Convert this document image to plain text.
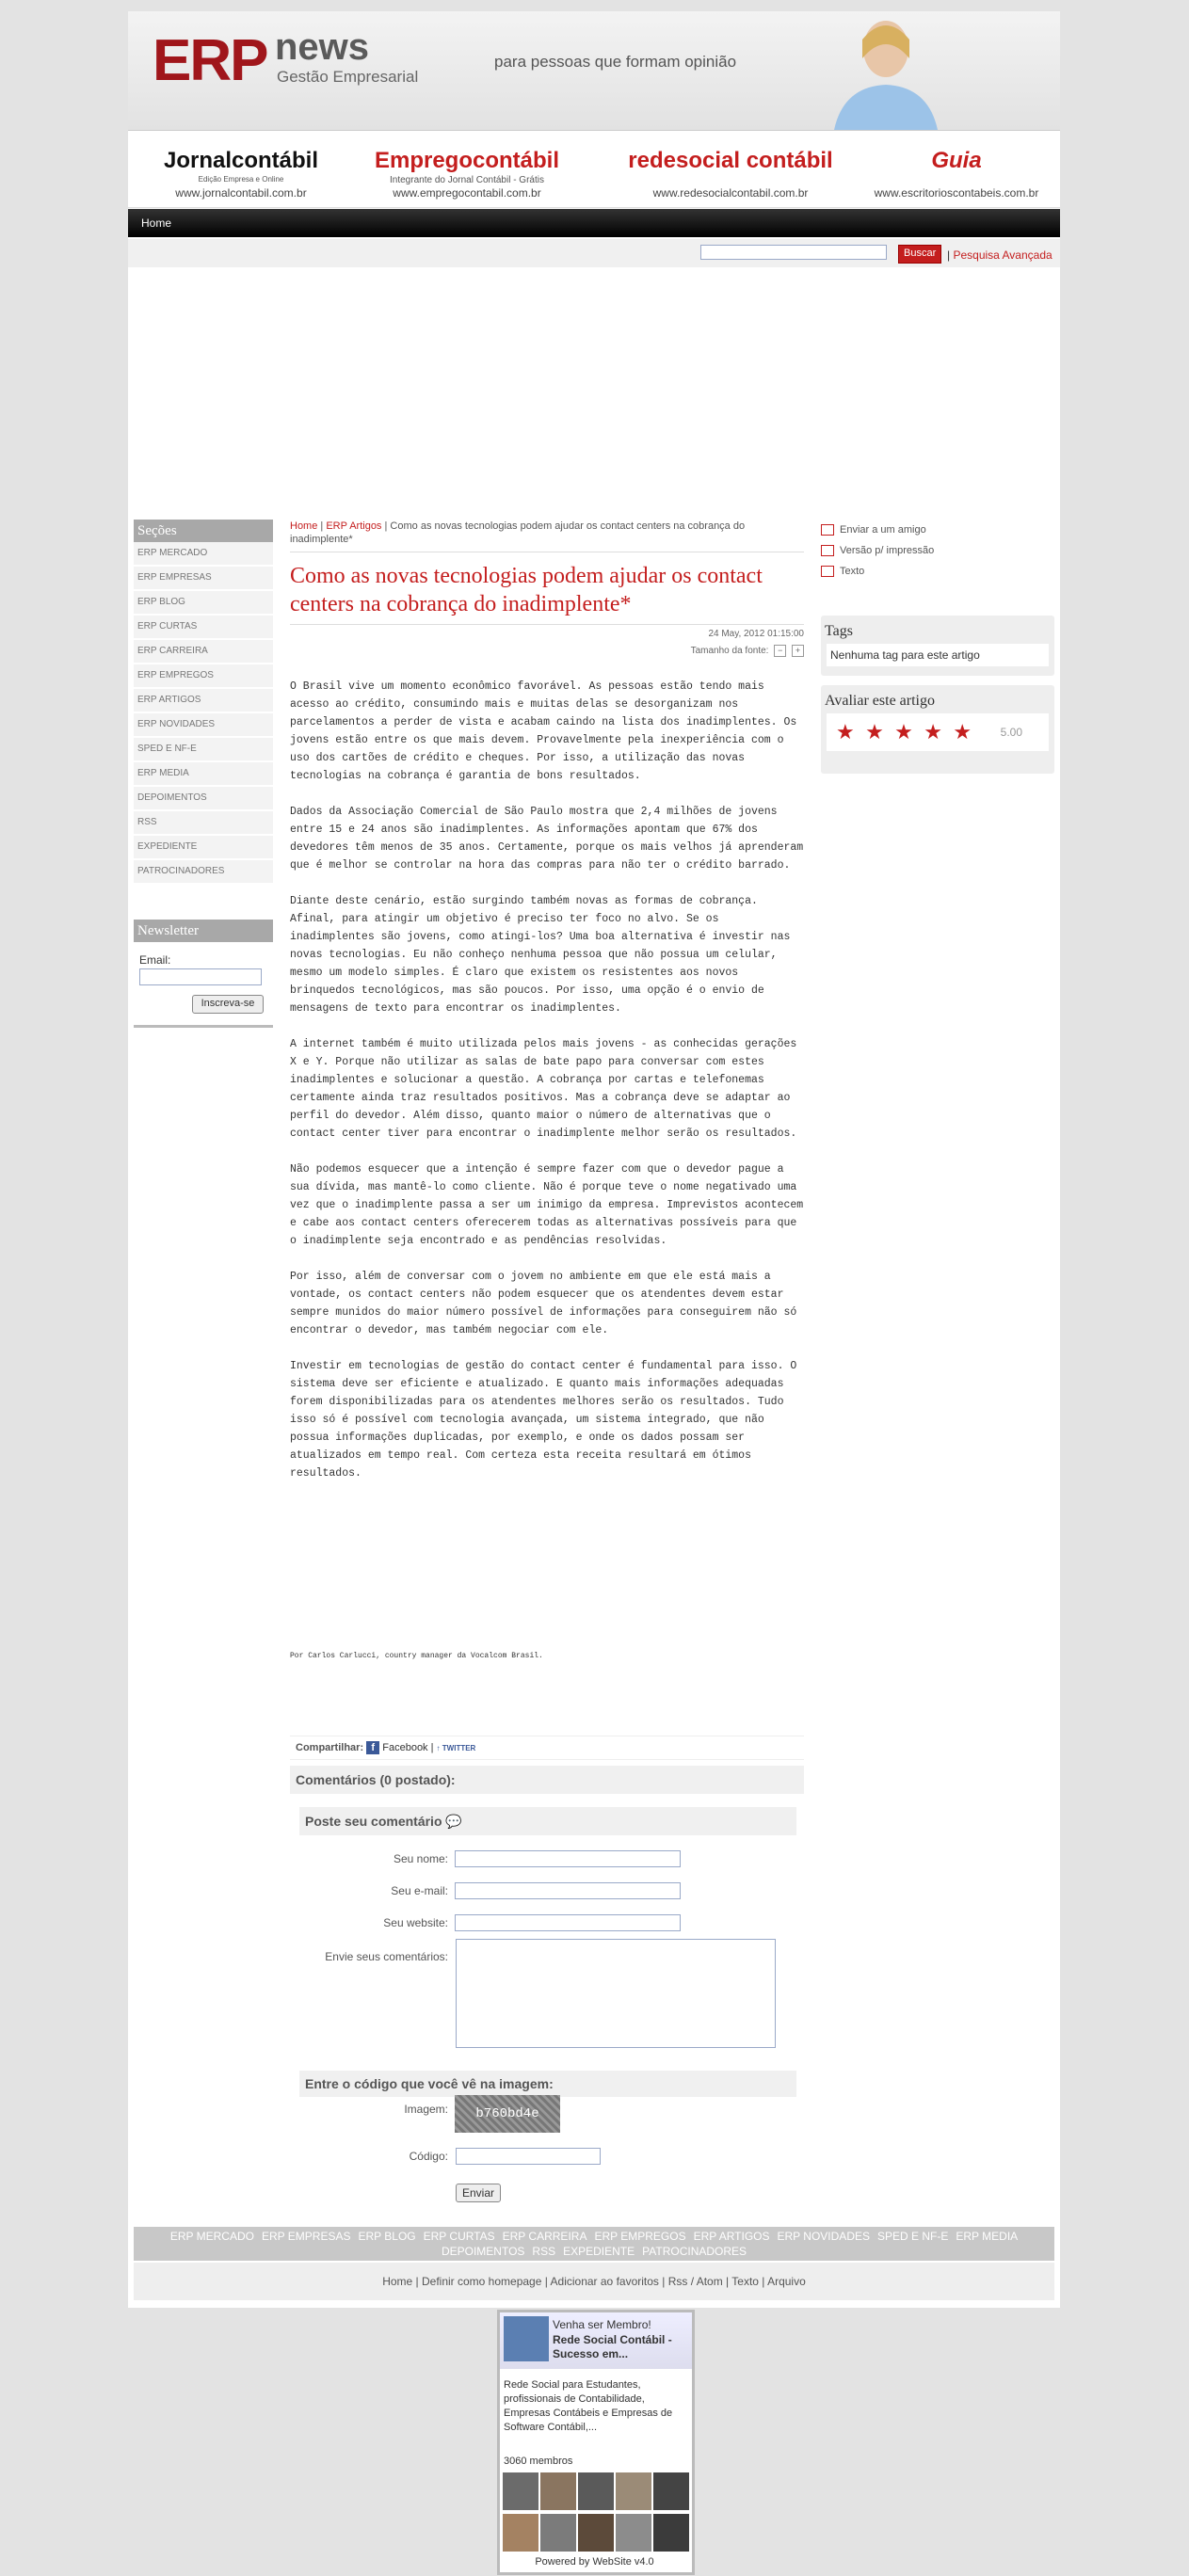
ERP news
Gestão Empresarial
para pessoas que formam opinião
Jornalcontábil
Edição Empresa e Online
www.jornalcontabil.com.br
Empregocontábil
Integrante do Jornal Contábil - Grátis
www.empregocontabil.com.br
redesocial contábil
www.redesocialcontabil.com.br
Guia
www.escritorioscontabeis.com.br
Home
Buscar | Pesquisa Avançada
Seções
ERP MERCADO
ERP EMPRESAS
ERP BLOG
ERP CURTAS
ERP CARREIRA
ERP EMPREGOS
ERP ARTIGOS
ERP NOVIDADES
SPED E NF-E
ERP MEDIA
DEPOIMENTOS
RSS
EXPEDIENTE
PATROCINADORES
Newsletter
Email:
Inscreva-se
Home | ERP Artigos | Como as novas tecnologias podem ajudar os contact centers na cobrança do inadimplente*
Como as novas tecnologias podem ajudar os contact centers na cobrança do inadimplente*
24 May, 2012 01:15:00
Tamanho da fonte: − +

O Brasil vive um momento econômico favorável. As pessoas estão tendo mais acesso ao crédito, consumindo mais e muitas delas se desorganizam nos parcelamentos a perder de vista e acabam caindo na lista dos inadimplentes. Os jovens estão entre os que mais devem. Provavelmente pela inexperiência com o uso dos cartões de crédito e cheques. Por isso, a utilização das novas tecnologias na cobrança é garantia de bons resultados.

Dados da Associação Comercial de São Paulo mostra que 2,4 milhões de jovens entre 15 e 24 anos são inadimplentes. As informações apontam que 67% dos devedores têm menos de 35 anos. Certamente, porque os mais velhos já aprenderam que é melhor se controlar na hora das compras para não ter o crédito barrado.

Diante deste cenário, estão surgindo também novas as formas de cobrança. Afinal, para atingir um objetivo é preciso ter foco no alvo. Se os inadimplentes são jovens, como atingi-los? Uma boa alternativa é investir nas novas tecnologias. Eu não conheço nenhuma pessoa que não possua um celular, mesmo um modelo simples. É claro que existem os resistentes aos novos brinquedos tecnológicos, mas são poucos. Por isso, uma opção é o envio de mensagens de texto para encontrar os inadimplentes.

A internet também é muito utilizada pelos mais jovens - as conhecidas gerações X e Y. Porque não utilizar as salas de bate papo para conversar com estes inadimplentes e solucionar a questão. A cobrança por cartas e telefonemas certamente ainda traz resultados positivos. Mas a cobrança deve se adaptar ao perfil do devedor. Além disso, quanto maior o número de alternativas que o contact center tiver para encontrar o inadimplente melhor serão os resultados.

Não podemos esquecer que a intenção é sempre fazer com que o devedor pague a sua dívida, mas mantê-lo como cliente. Não é porque teve o nome negativado uma vez que o inadimplente passa a ser um inimigo da empresa. Imprevistos acontecem e cabe aos contact centers oferecerem todas as alternativas possíveis para que o inadimplente seja encontrado e as pendências resolvidas.

Por isso, além de conversar com o jovem no ambiente em que ele está mais a vontade, os contact centers não podem esquecer que os atendentes devem estar sempre munidos do maior número possível de informações para conseguirem não só encontrar o devedor, mas também negociar com ele.

Investir em tecnologias de gestão do contact center é fundamental para isso. O sistema deve ser eficiente e atualizado. E quanto mais informações adequadas forem disponibilizadas para os atendentes melhores serão os resultados. Tudo isso só é possível com tecnologia avançada, um sistema integrado, que não possua informações duplicadas, por exemplo, e onde os dados possam ser atualizados em tempo real. Com certeza esta receita resultará em ótimos resultados.

Por Carlos Carlucci, country manager da Vocalcom Brasil.
Compartilhar: f Facebook | ↑ TWITTER
Comentários (0 postado):
Poste seu comentário 💬
Seu nome:
Seu e-mail:
Seu website:
Envie seus comentários:
Entre o código que você vê na imagem:
Imagem:	b760bd4e
Código:
Enviar
Enviar a um amigo
Versão p/ impressão
Texto
Tags
Nenhuma tag para este artigo
Avaliar este artigo
★ ★ ★ ★ ★	5.00
ERP MERCADO ERP EMPRESAS ERP BLOG ERP CURTAS ERP CARREIRA ERP EMPREGOS ERP ARTIGOS ERP NOVIDADES SPED E NF-E ERP MEDIA
DEPOIMENTOS RSS EXPEDIENTE PATROCINADORES
Home | Definir como homepage | Adicionar ao favoritos | Rss / Atom | Texto | Arquivo
Venha ser Membro!
Rede Social Contábil - Sucesso em...
Rede Social para Estudantes, profissionais de Contabilidade, Empresas Contábeis e Empresas de Software Contábil,...
3060 membros
Powered by WebSite v4.0
